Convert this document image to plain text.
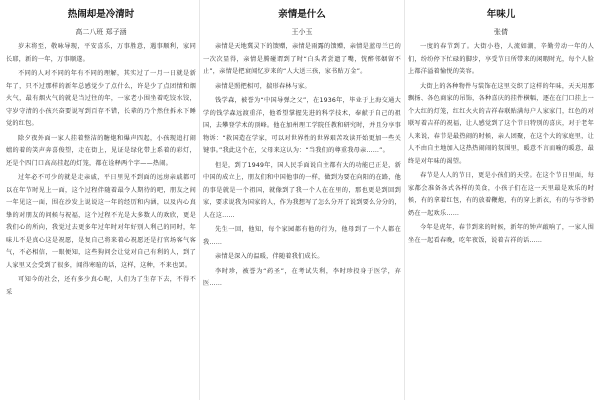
热闹却是冷清时
高二八班 郑子涵

岁末将至，敬咏导现，平安喜乐，万事胜意，遇事顺利，家同长耶，新的一年，万事顺遂。

不同的人对不同的年有不同的理解，其实过了一月一日就是新年了，只不过那样的新年总感觉少了点什么，许是少了点团情和烟火气，最有烟火气的就是当过往的年，一家老小围坐着吃饺水饺，守岁守清的小孩兴奋要说写到百存不错，长辈的乃个然住拆永下睡觉的红包。

除夕夜外面一家人挂着整洁的糖炮和爆声四起，小孩现追打闹嬉的着的笑声奔喜俊望，走在街上，见证是绿化带上系着的彩灯，还是个四门口高高挂起的灯笼，都在诠释两个字——热闹。

过年必不可少的就是走亲戚，平日里见不到面的远房亲戚都可以在年节时见上一面，这个过程伴随着最令人期待的吧，朋友之间一年见这一面，围在沙发上说说这一年的经历和内涵，以及内心真挚的对朋友的问候与祝福，这个过程不光是大多数人的欢欣，更是我们心的所向，我觉过去更多年过年时对年好别人利己的同时，年味儿不是真心这是祝愿，是复自己将来着心祝愿还是打官场客气客气，不必相信，一眼便知，这些狗问会让觉对自己有利的人，到了人家里又会受到了很多，闻得寒暄的话，这样，这种，不来也罢。

可知今的社会，还有多少真心呢，人们为了生存下去，不得不采

亲情是什么
王小玉

亲情是天地冀灵下的馈赠，亲情是雨露的馈赠，亲情是蓝母兰已的一次次显得，亲情是腾碰谓到了时“白头者尝遗了嘴，恍醉邻姻留不止”，亲情是把衰闻忆岁来的“人大送三孩，家书贴万金”。

亲情是照把相可，揣形春林与家。

钱学森，被誉为“中国导弹之父”，在1936年，毕业于上海交通大学的钱学森远渡重洋，他希望掌握先进的科学技术，奉献于自己的祖国，去攀登学术的顶峰。他在加州理工学院任教和研究时，并且分享事物诉：“救国造在学家，可以对世界性的世界艰苦攻读开始更加一些关键事。”我此这个在，父母来这认为：“当我们的尊重我母亲……”。

但是，到了1949年，国人民手面说自主都有大的功能已正是，新中国的成立上，朋友们和中国他事的一样，做到为要在向阳的在路，他的事是就是一个祖国，就像到了我一个人在在里的，那也更是到回到家，要求说我为国家的人，作为我想写了怎么分开了说到要么分分的，人在这……

先生一回，他知，每个家园都有他的行为，他母到了一个人都在我……

亲情是深入的温暖，伴随着我们成长。

李时珍，被誉为“药圣”，在考试失利，李时珍投身于医学，弃医……

年味儿
张倩

一度的春节到了。大街小巷，人流如潮，辛勤劳动一年的人们，纷纷停下忙碌的脚步，享受节日所带来的闲暇时光，每个人脸上都洋溢着愉悦的笑容。

大街上的各种物件与装饰在这里交织了这样的年味，天天用那飘扬、各色商家的吊饰，各种喜庆的挂件横幅，逐在在门口挂上一个大红的灯笼，红红火火的吉祥春联贴满每户人家家门，红色的对联写着吉祥的祝福，让人感觉到了这个节日特别的喜庆，对于老年人来说，春节是最热闹的时候，亲人团聚，在这个大的家庭里，让人不由自主地加入这热热闹闹的氛围里，暖意不言而喻的暖意，最终是对年味的渴望。

春节是人人的节日，更是小孩们的天堂。在这个节日里面，每家都会准备各式各样的美食，小孩子们在这一天里最是欢乐的时候，有的拿着红包，有的放着鞭炮，有的穿上新衣，有的与爷爷奶奶在一起欢乐……

今年是虎年，春节到来的时候，新年的钟声敲响了，一家人围坐在一起看春晚，吃年夜饭，说着吉祥的话……
